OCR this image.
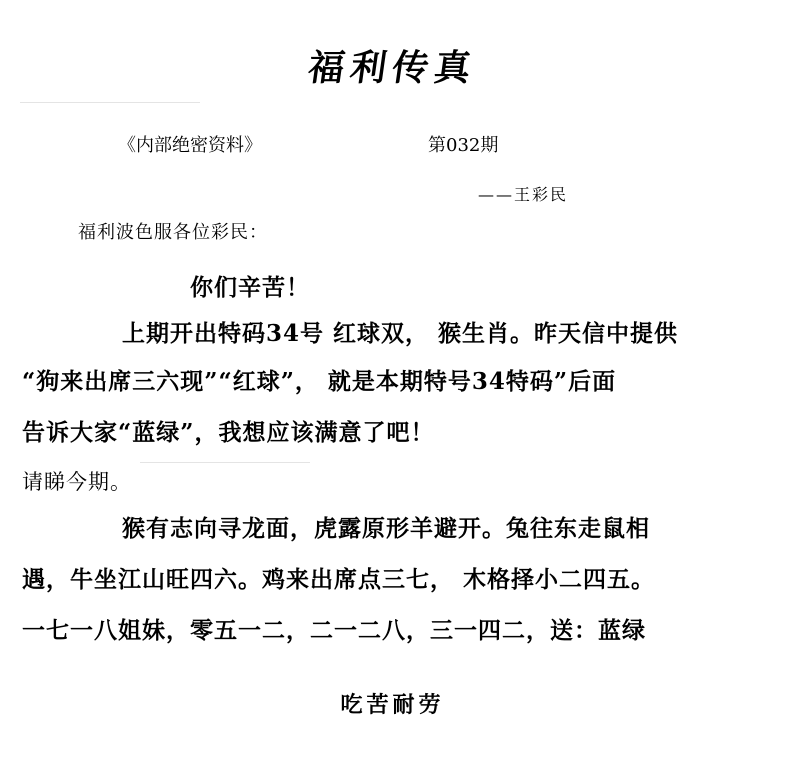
福利传真
《内部绝密资料》	第032期
——王彩民
福利波色服各位彩民：
你们辛苦！
上期开出特码34号 红球双， 猴生肖。昨天信中提供
“狗来出席三六现”“红球”， 就是本期特号34特码”后面
告诉大家“蓝绿”，我想应该满意了吧！
请睇今期。
猴有志向寻龙面，虎露原形羊避开。兔往东走鼠相
遇，牛坐江山旺四六。鸡来出席点三七， 木格择小二四五。
一七一八姐妹，零五一二，二一二八，三一四二，送：蓝绿
吃苦耐劳
